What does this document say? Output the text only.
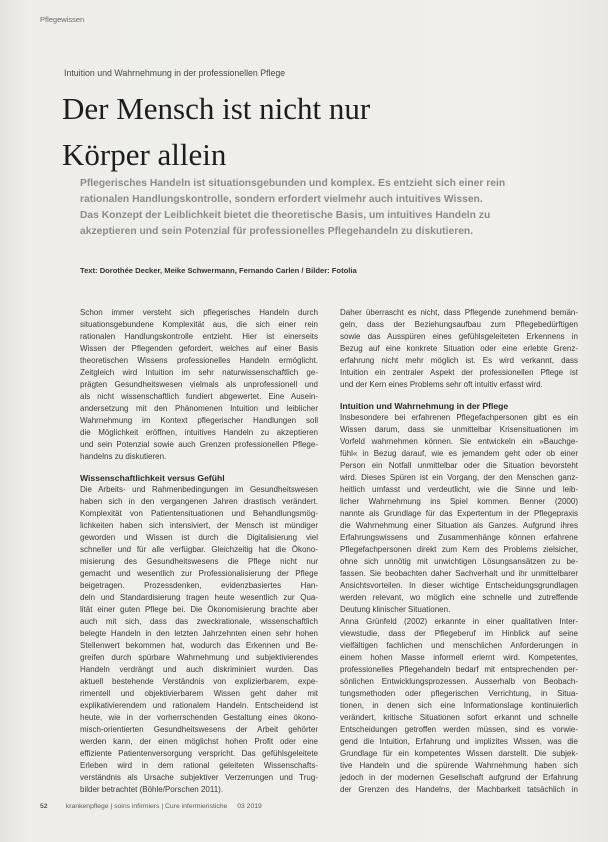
Pflegewissen
Intuition und Wahrnehmung in der professionellen Pflege
Der Mensch ist nicht nur
Körper allein
Pflegerisches Handeln ist situationsgebunden und komplex. Es entzieht sich einer rein
rationalen Handlungskontrolle, sondern erfordert vielmehr auch intuitives Wissen.
Das Konzept der Leiblichkeit bietet die theoretische Basis, um intuitives Handeln zu
akzeptieren und sein Potenzial für professionelles Pflegehandeln zu diskutieren.
Text: Dorothée Decker, Meike Schwermann, Fernando Carlen / Bilder: Fotolia
Schon immer versteht sich pflegerisches Handeln durch
situationsgebundene Komplexität aus, die sich einer rein
rationalen Handlungskontrolle entzieht. Hier ist einerseits
Wissen der Pflegenden gefordert, welches auf einer Basis
theoretischen Wissens professionelles Handeln ermöglicht.
Zeitgleich wird Intuition im sehr naturwissenschaftlich ge-
prägten Gesundheitswesen vielmals als unprofessionell und
als nicht wissenschaftlich fundiert abgewertet. Eine Ausein-
andersetzung mit den Phänomenen Intuition und leiblicher
Wahrnehmung im Kontext pflegerischer Handlungen soll
die Möglichkeit eröffnen, intuitives Handeln zu akzeptieren
und sein Potenzial sowie auch Grenzen professionellen Pflege-
handelns zu diskutieren.
Wissenschaftlichkeit versus Gefühl
Die Arbeits- und Rahmenbedingungen im Gesundheitswesen
haben sich in den vergangenen Jahren drastisch verändert.
Komplexität von Patientensituationen und Behandlungsmög-
lichkeiten haben sich intensiviert, der Mensch ist mündiger
geworden und Wissen ist durch die Digitalisierung viel
schneller und für alle verfügbar. Gleichzeitig hat die Ökono-
misierung des Gesundheitswesens die Pflege nicht nur
gemacht und wesentlich zur Professionalisierung der Pflege
beigetragen. Prozessdenken, evidenzbasiertes Han-
deln und Standardisierung tragen heute wesentlich zur Qua-
lität einer guten Pflege bei. Die Ökonomisierung brachte aber
auch mit sich, dass das zweckrationale, wissenschaftlich
belegte Handeln in den letzten Jahrzehnten einen sehr hohen
Stellenwert bekommen hat, wodurch das Erkennen und Be-
greifen durch spürbare Wahrnehmung und subjektivierendes
Handeln verdrängt und auch diskriminiert wurden. Das
aktuell bestehende Verständnis von explizierbarem, expe-
rimentell und objektivierbarem Wissen geht daher mit
explikativierendem und rationalem Handeln. Entscheidend ist
heute, wie in der vorherrschenden Gestaltung eines ökono-
misch-orientierten Gesundheitswesens der Arbeit gehörter
werden kann, der einen möglichst hohen Profit oder eine
effiziente Patientenversorgung verspricht. Das gefühlsgeleitete
Erleben wird in dem rational geleiteten Wissenschafts-
verständnis als Ursache subjektiver Verzerrungen und Trug-
bilder betrachtet (Böhle/Porschen 2011).
Daher überrascht es nicht, dass Pflegende zunehmend bemän-
geln, dass der Beziehungsaufbau zum Pflegebedürftigen
sowie das Ausspüren eines gefühlsgeleiteten Erkennens in
Bezug auf eine konkrete Situation oder eine erlebte Grenz-
erfahrung nicht mehr möglich ist. Es wird verkannt, dass
Intuition ein zentraler Aspekt der professionellen Pflege ist
und der Kern eines Problems sehr oft intuitiv erfasst wird.
Intuition und Wahrnehmung in der Pflege
Insbesondere bei erfahrenen Pflegefachpersonen gibt es ein
Wissen darum, dass sie unmittelbar Krisensituationen im
Vorfeld wahrnehmen können. Sie entwickeln ein »Bauchge-
fühl« in Bezug darauf, wie es jemandem geht oder ob einer
Person ein Notfall unmittelbar oder die Situation bevorsteht
wird. Dieses Spüren ist ein Vorgang, der den Menschen ganz-
heitlich umfasst und verdeutlicht, wie die Sinne und leib-
licher Wahrnehmung ins Spiel kommen. Benner (2000)
nannte als Grundlage für das Expertentum in der Pflegepraxis
die Wahrnehmung einer Situation als Ganzes. Aufgrund ihres
Erfahrungswissens und Zusammenhänge können erfahrene
Pflegefachpersonen direkt zum Kern des Problems zielsicher,
ohne sich unnötig mit unwichtigen Lösungsansätzen zu be-
fassen. Sie beobachten daher Sachverhalt und ihr unmittelbarer
Ansichtsvorteilen. In dieser wichtige Entscheidungsgrundlagen
werden relevant, wo möglich eine schnelle und zutreffende
Deutung klinischer Situationen.
Anna Grünfeld (2002) erkannte in einer qualitativen Inter-
viewstudie, dass der Pflegeberuf im Hinblick auf seine
vielfältigen fachlichen und menschlichen Anforderungen in
einem hohen Masse informell erlernt wird. Kompetentes,
professionelles Pflegehandeln bedarf mit entsprechenden per-
sönlichen Entwicklungsprozessen. Ausserhalb von Beobach-
tungsmethoden oder pflegerischen Verrichtung, in Situa-
tionen, in denen sich eine Informationslage kontinuierlich
verändert, kritische Situationen sofort erkannt und schnelle
Entscheidungen getroffen werden müssen, sind es vorwie-
gend die Intuition, Erfahrung und implizites Wissen, was die
Grundlage für ein kompetentes Wissen darstellt. Die subjek-
tive Handeln und die spürende Wahrnehmung haben sich
jedoch in der modernen Gesellschaft aufgrund der Erfahrung
der Grenzen des Handelns, der Machbarkeit tatsächlich in
52	krankenpflege | soins infirmiers | Cure infermieristiche 03 2019
